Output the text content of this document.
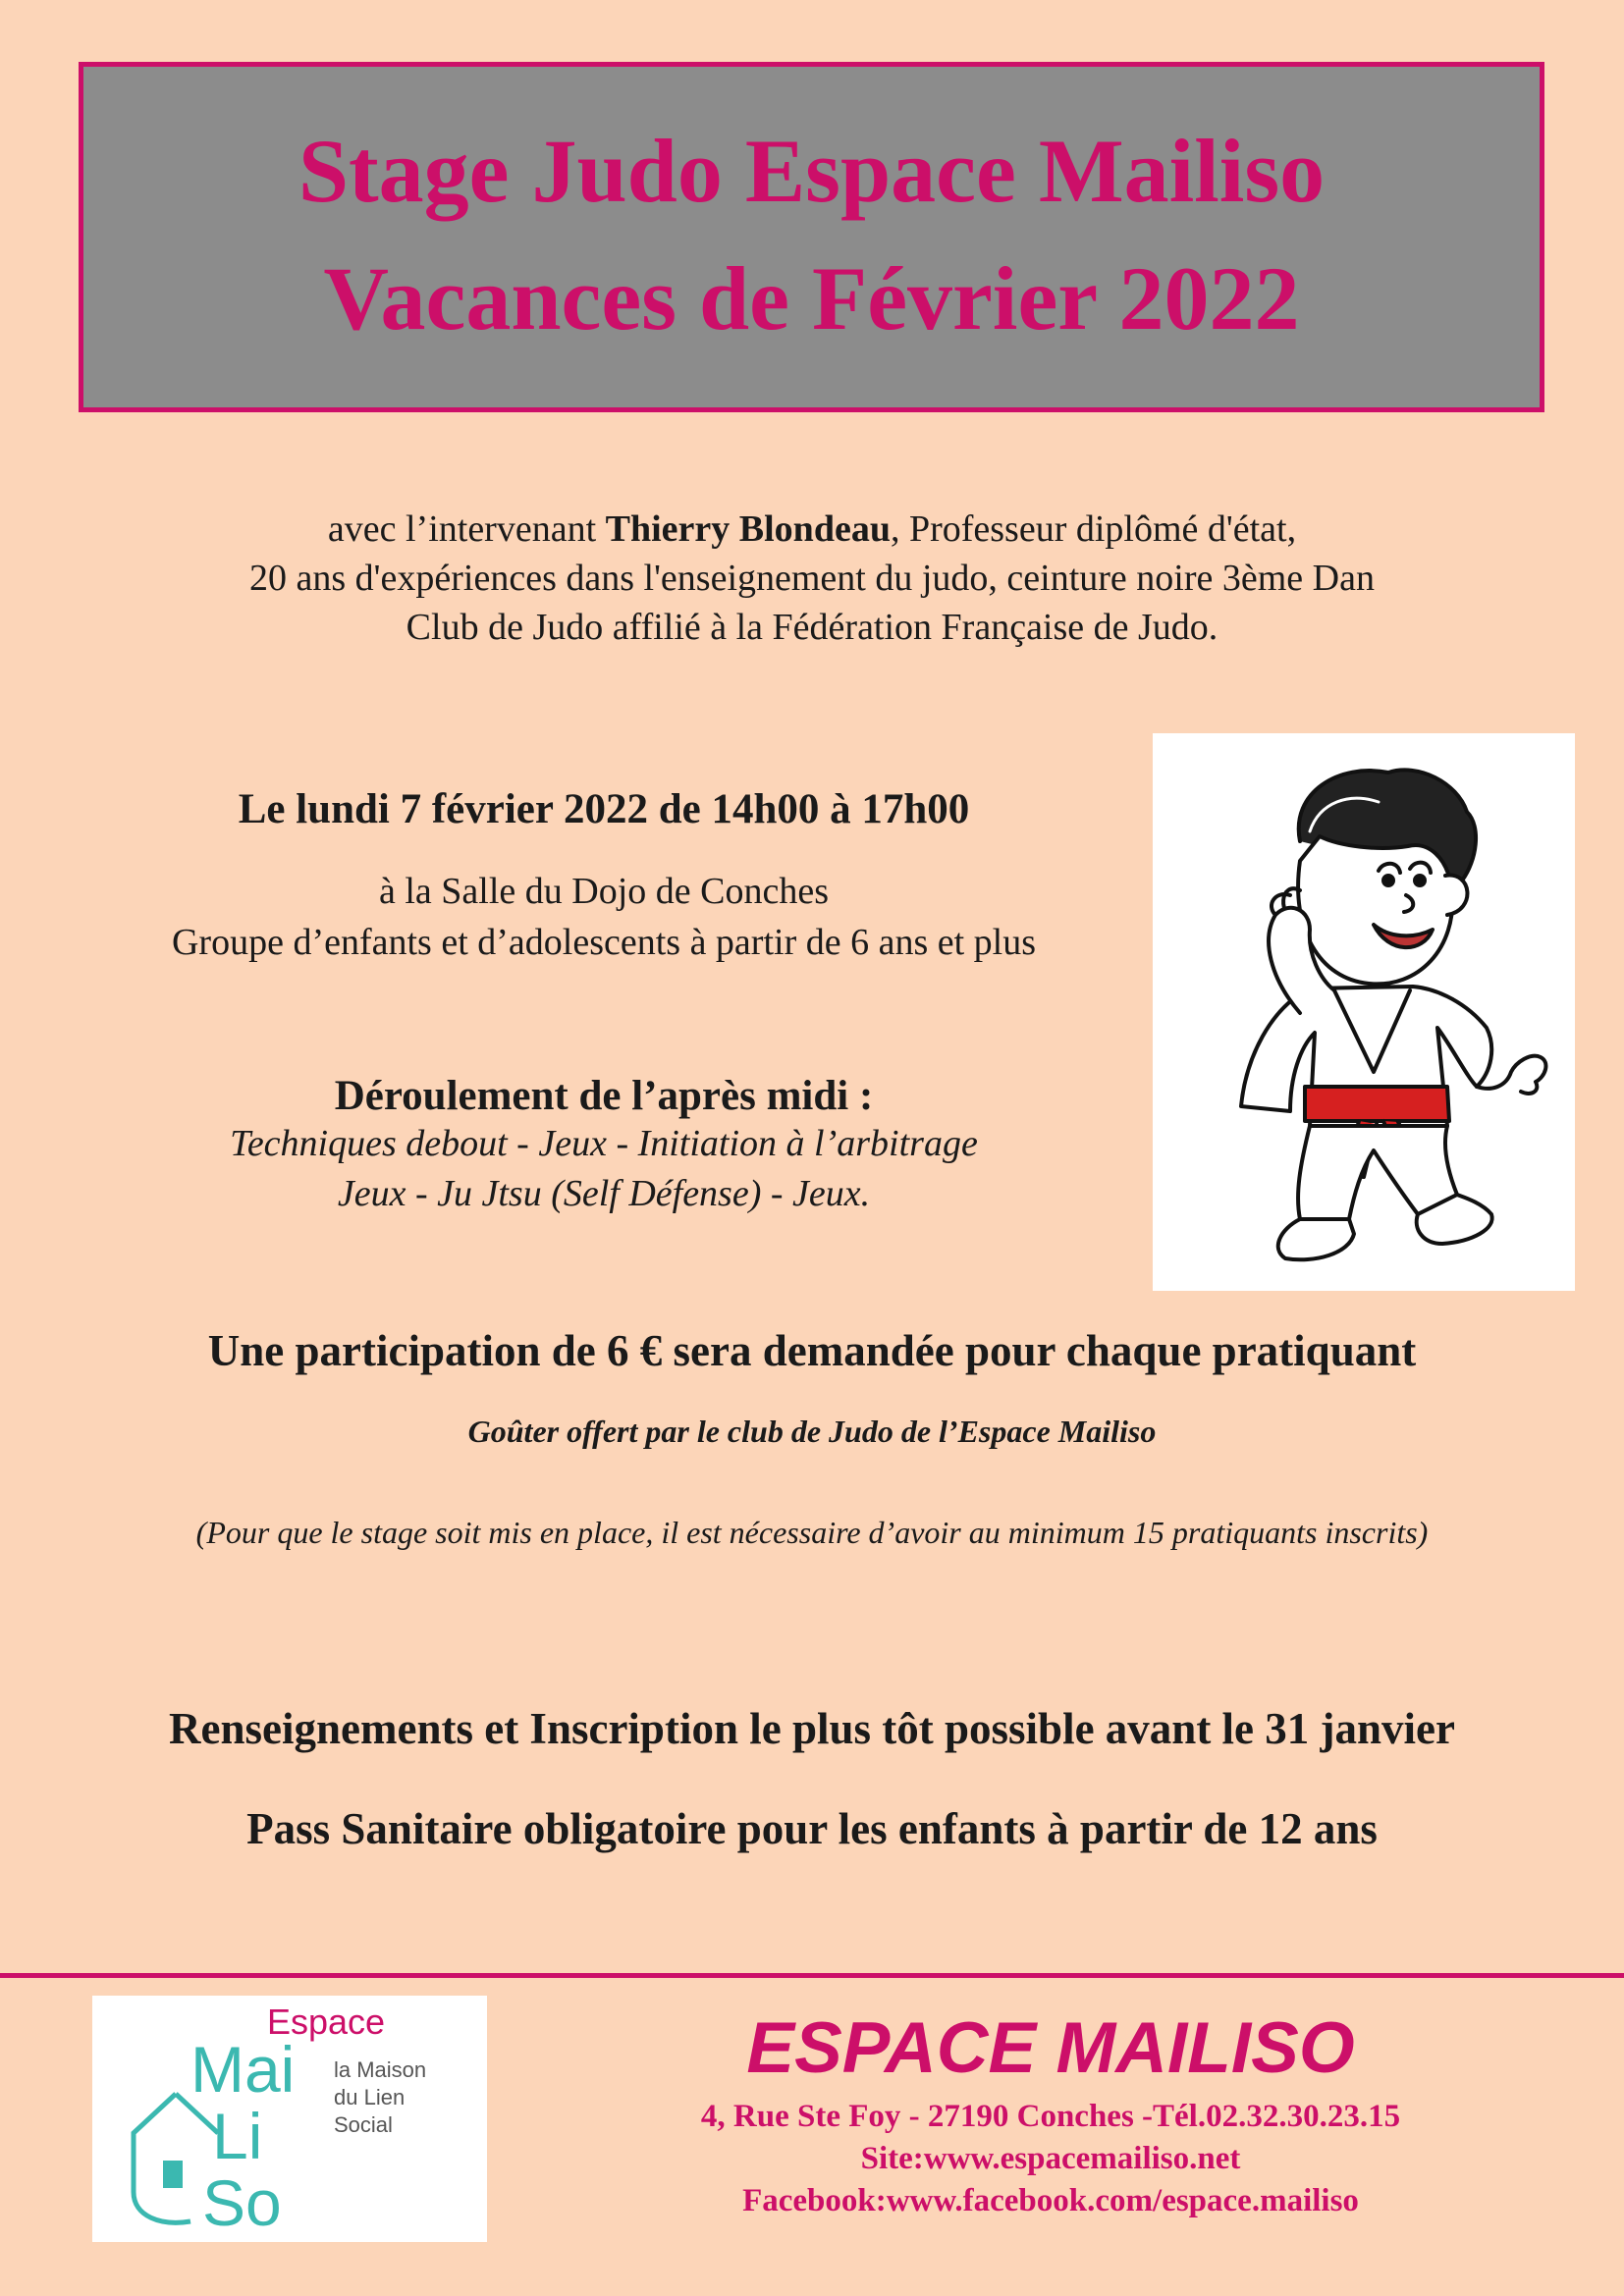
Stage Judo Espace Mailiso
Vacances de Février 2022
avec l’intervenant Thierry Blondeau, Professeur diplômé d'état,
20 ans d'expériences dans l'enseignement du judo, ceinture noire 3ème Dan
Club de Judo affilié à la Fédération Française de Judo.
Le lundi 7 février 2022 de 14h00 à 17h00
à la Salle du Dojo de Conches
Groupe d’enfants et d’adolescents à partir de 6 ans et plus
Déroulement de l’après midi :
Techniques debout - Jeux - Initiation à l’arbitrage
Jeux - Ju Jtsu (Self Défense) - Jeux.
Une participation de 6 € sera demandée pour chaque pratiquant
Goûter offert par le club de Judo de l’Espace Mailiso
(Pour que le stage soit mis en place, il est nécessaire d’avoir au minimum 15 pratiquants inscrits)
Renseignements et Inscription le plus tôt possible avant le 31 janvier
Pass Sanitaire obligatoire pour les enfants à partir de 12 ans
Espace
Mai
Li
So
la Maison
du Lien
Social
ESPACE MAILISO
4, Rue Ste Foy - 27190 Conches -Tél.02.32.30.23.15
Site:www.espacemailiso.net
Facebook:www.facebook.com/espace.mailiso
